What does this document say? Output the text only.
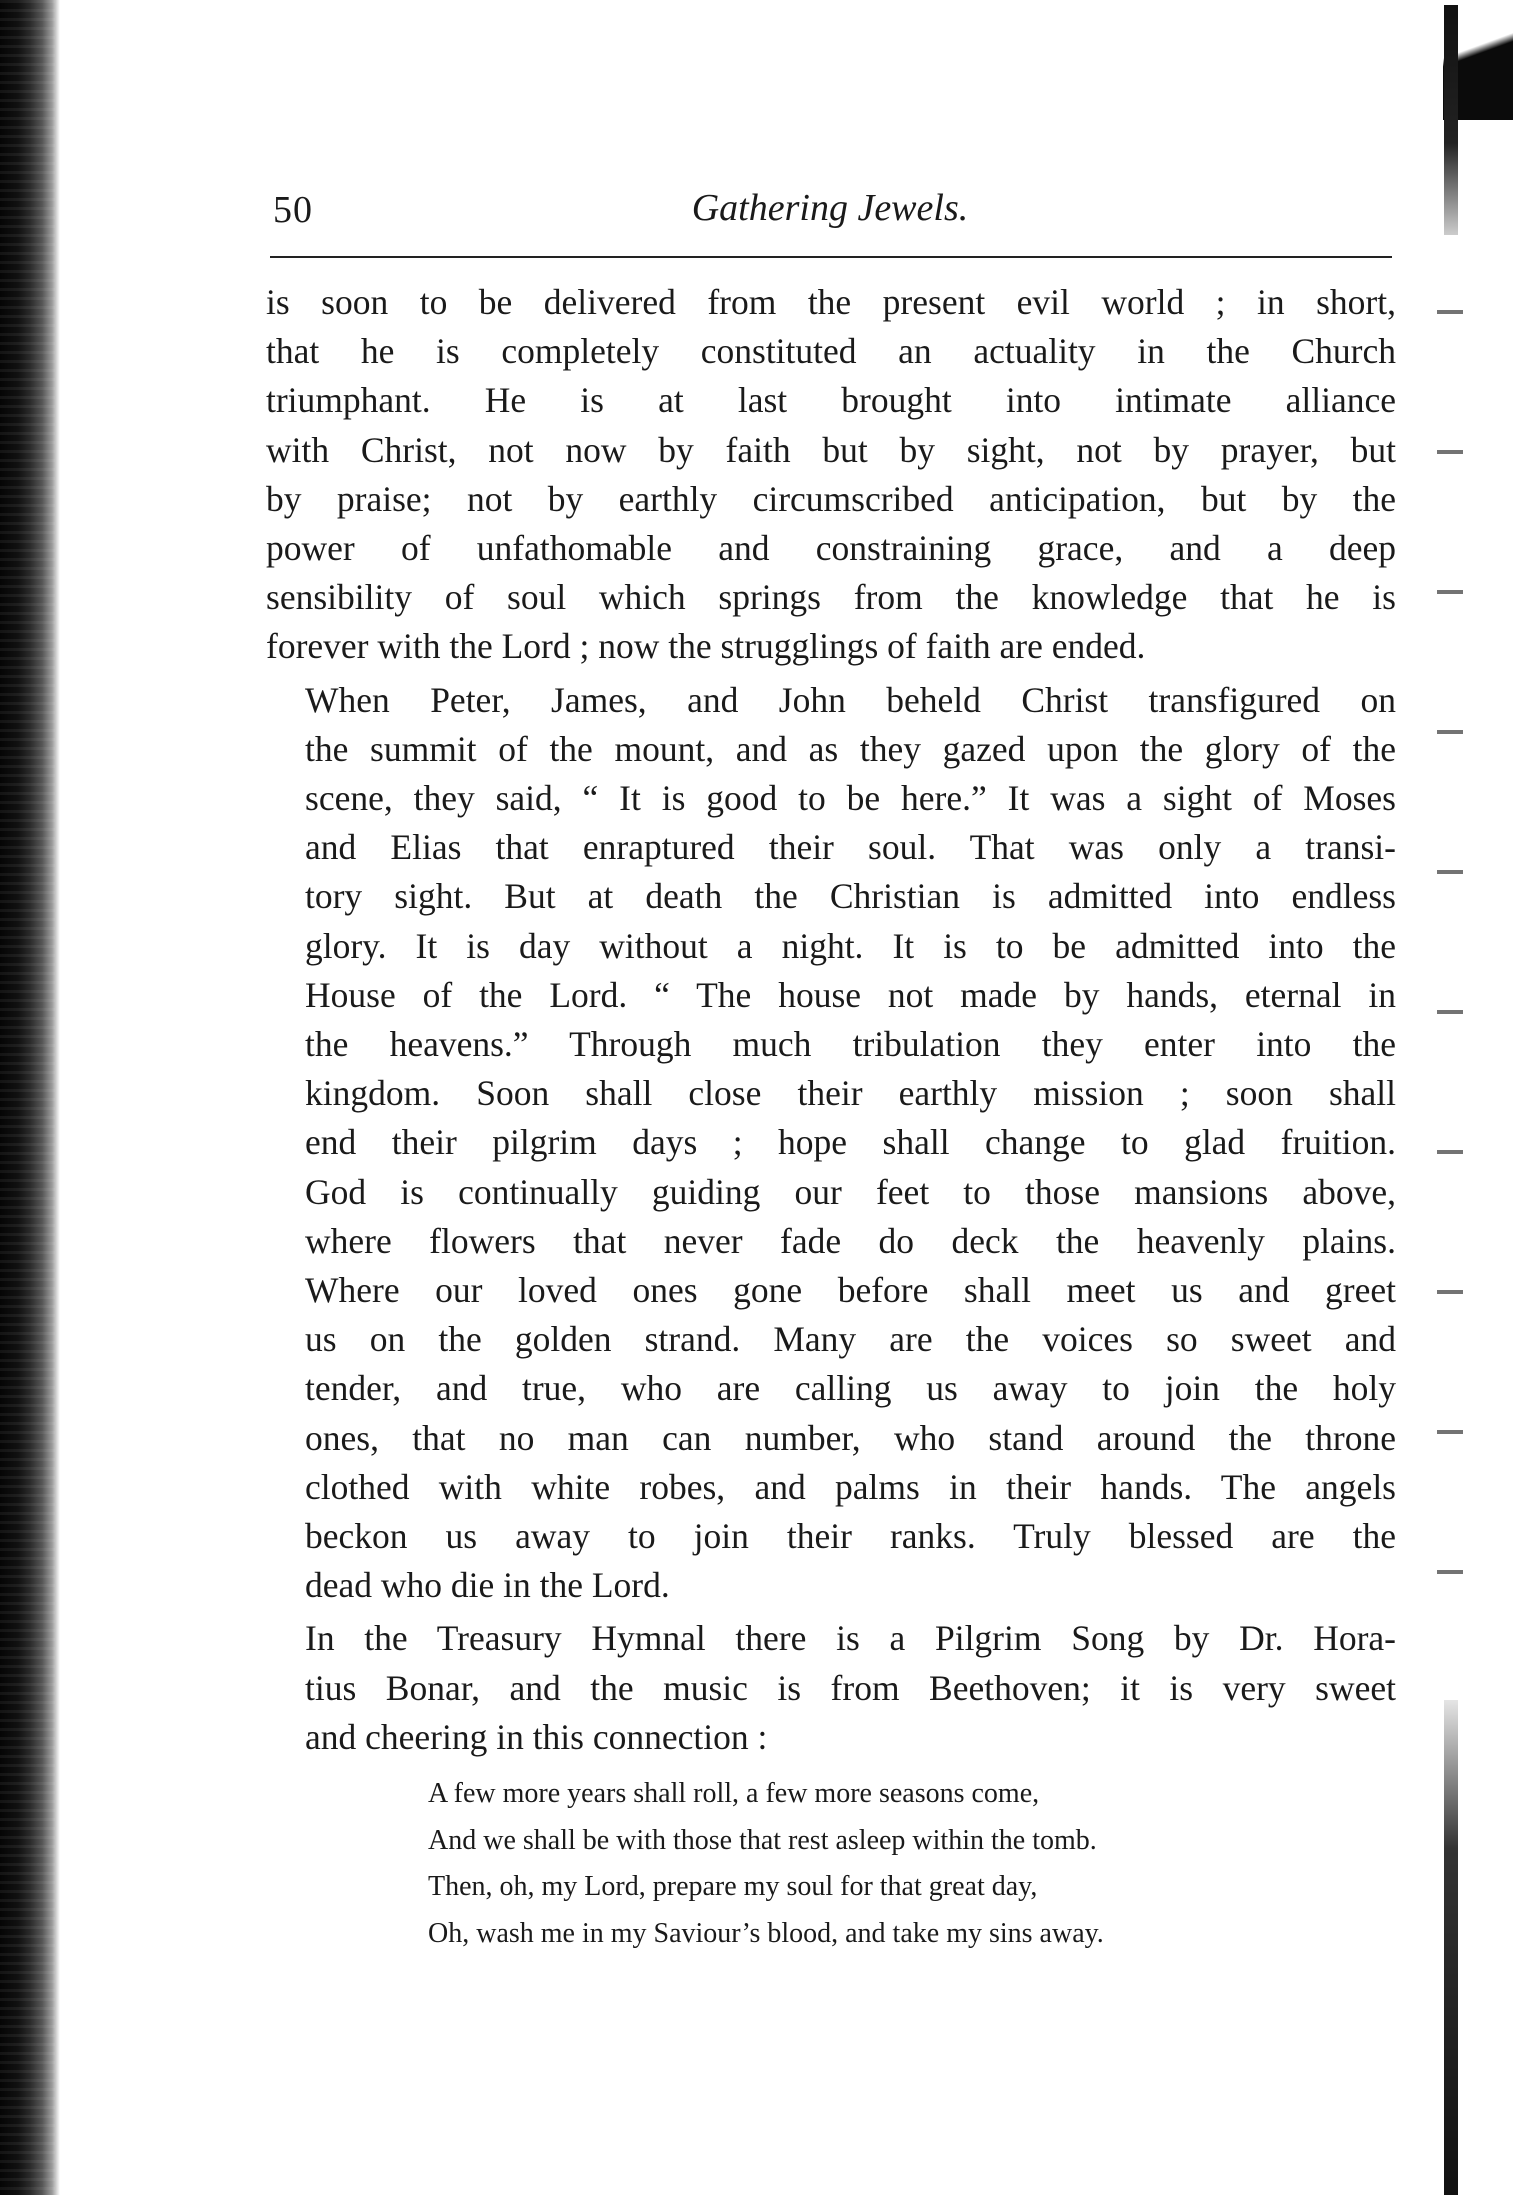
50	Gathering Jewels.

is soon to be delivered from the present evil world ; in short,
that he is completely constituted an actuality in the Church
triumphant. He is at last brought into intimate alliance
with Christ, not now by faith but by sight, not by prayer, but
by praise; not by earthly circumscribed anticipation, but by the
power of unfathomable and constraining grace, and a deep
sensibility of soul which springs from the knowledge that he is
forever with the Lord ; now the strugglings of faith are ended.

When Peter, James, and John beheld Christ transfigured on
the summit of the mount, and as they gazed upon the glory of the
scene, they said, “ It is good to be here.” It was a sight of Moses
and Elias that enraptured their soul. That was only a transi-
tory sight. But at death the Christian is admitted into endless
glory. It is day without a night. It is to be admitted into the
House of the Lord. “ The house not made by hands, eternal in
the heavens.” Through much tribulation they enter into the
kingdom. Soon shall close their earthly mission ; soon shall
end their pilgrim days ; hope shall change to glad fruition.
God is continually guiding our feet to those mansions above,
where flowers that never fade do deck the heavenly plains.
Where our loved ones gone before shall meet us and greet
us on the golden strand. Many are the voices so sweet and
tender, and true, who are calling us away to join the holy
ones, that no man can number, who stand around the throne
clothed with white robes, and palms in their hands. The angels
beckon us away to join their ranks. Truly blessed are the
dead who die in the Lord.

In the Treasury Hymnal there is a Pilgrim Song by Dr. Hora-
tius Bonar, and the music is from Beethoven; it is very sweet
and cheering in this connection :

A few more years shall roll, a few more seasons come,
And we shall be with those that rest asleep within the tomb.
Then, oh, my Lord, prepare my soul for that great day,
Oh, wash me in my Saviour’s blood, and take my sins away.
